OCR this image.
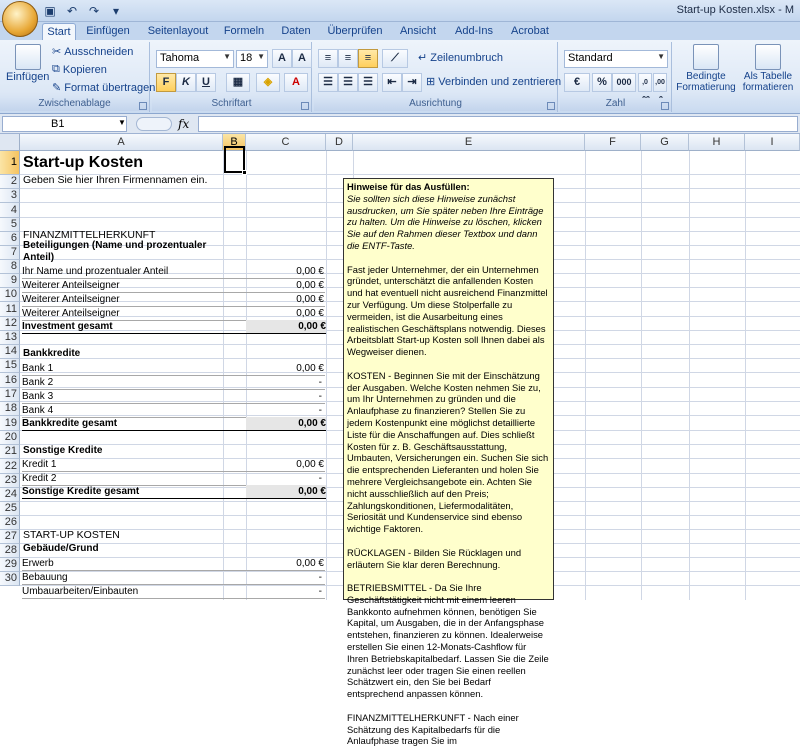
▣ ↶ ↷	▾	Start-up Kosten.xlsx - M
Start	Einfügen	Seitenlayout Formeln	Daten	Überprüfen	Ansicht	Add-Ins Acrobat
Einfügen
✂ Ausschneiden
⧉ Kopieren
✎ Format übertragen
Zwischenablage
Tahoma	▼ 18 ▼	A	A
F	K	U	▦	◈	A
Schriftart
≡	≡	≡	⟋	↵ Zeilenumbruch
☰ ☰ ☰	⇤ ⇥ ⊞ Verbinden und zentrieren
Ausrichtung
Standard	▼
€	%	000	,0	,00
Zahl
Bedingte Formatierung
Als Tabelle formatieren
B1	▼	fx
A	B	C	D	E	F	G	H	I
1
2
3
4
5
6
7
8
9
10
11
12
13
14
15
16
17
18
19
20
21
22
23
24
25
26
27
28
29
30
Start-up Kosten
Geben Sie hier Ihren Firmennamen ein.
FINANZMITTELHERKUNFT
Beteiligungen (Name und prozentualer Anteil)
Ihr Name und prozentualer Anteil	0,00 €
Weiterer Anteilseigner	0,00 €
Weiterer Anteilseigner	0,00 €
Weiterer Anteilseigner	0,00 €
Investment gesamt	0,00 €
Bankkredite
Bank 1	0,00 €
Bank 2	-
Bank 3	-
Bank 4	-
Bankkredite gesamt	0,00 €
Sonstige Kredite
Kredit 1	0,00 €
Kredit 2	-
Sonstige Kredite gesamt	0,00 €
START-UP KOSTEN
Gebäude/Grund
Erwerb	0,00 €
Bebauung	-
Umbauarbeiten/Einbauten	-

Hinweise für das Ausfüllen:

Sie sollten sich diese Hinweise zunächst ausdrucken, um Sie später neben Ihre Einträge zu halten. Um die Hinweise zu löschen, klicken Sie auf den Rahmen dieser Textbox und dann die ENTF-Taste.

Fast jeder Unternehmer, der ein Unternehmen gründet, unterschätzt die anfallenden Kosten und hat eventuell nicht ausreichend Finanzmittel zur Verfügung. Um diese Stolperfalle zu vermeiden, ist die Ausarbeitung eines realistischen Geschäftsplans notwendig. Dieses Arbeitsblatt Start-up Kosten soll Ihnen dabei als Wegweiser dienen.

KOSTEN - Beginnen Sie mit der Einschätzung der Ausgaben. Welche Kosten nehmen Sie zu, um Ihr Unternehmen zu gründen und die Anlaufphase zu finanzieren? Stellen Sie zu jedem Kostenpunkt eine möglichst detaillierte Liste für die Anschaffungen auf. Dies schließt Kosten für z. B. Geschäftsausstattung, Umbauten, Versicherungen ein. Suchen Sie sich die entsprechenden Lieferanten und holen Sie mehrere Vergleichsangebote ein. Achten Sie nicht ausschließlich auf den Preis; Zahlungskonditionen, Liefermodalitäten, Seriosität und Kundenservice sind ebenso wichtige Faktoren.

RÜCKLAGEN - Bilden Sie Rücklagen und erläutern Sie klar deren Berechnung.

BETRIEBSMITTEL - Da Sie Ihre Geschäftstätigkeit nicht mit einem leeren Bankkonto aufnehmen können, benötigen Sie Kapital, um Ausgaben, die in der Anfangsphase entstehen, finanzieren zu können. Idealerweise erstellen Sie einen 12-Monats-Cashflow für Ihren Betriebskapitalbedarf. Lassen Sie die Zeile zunächst leer oder tragen Sie einen reellen Schätzwert ein, den Sie bei Bedarf entsprechend anpassen können.

FINANZMITTELHERKUNFT - Nach einer Schätzung des Kapitalbedarfs für die Anlaufphase tragen Sie im
